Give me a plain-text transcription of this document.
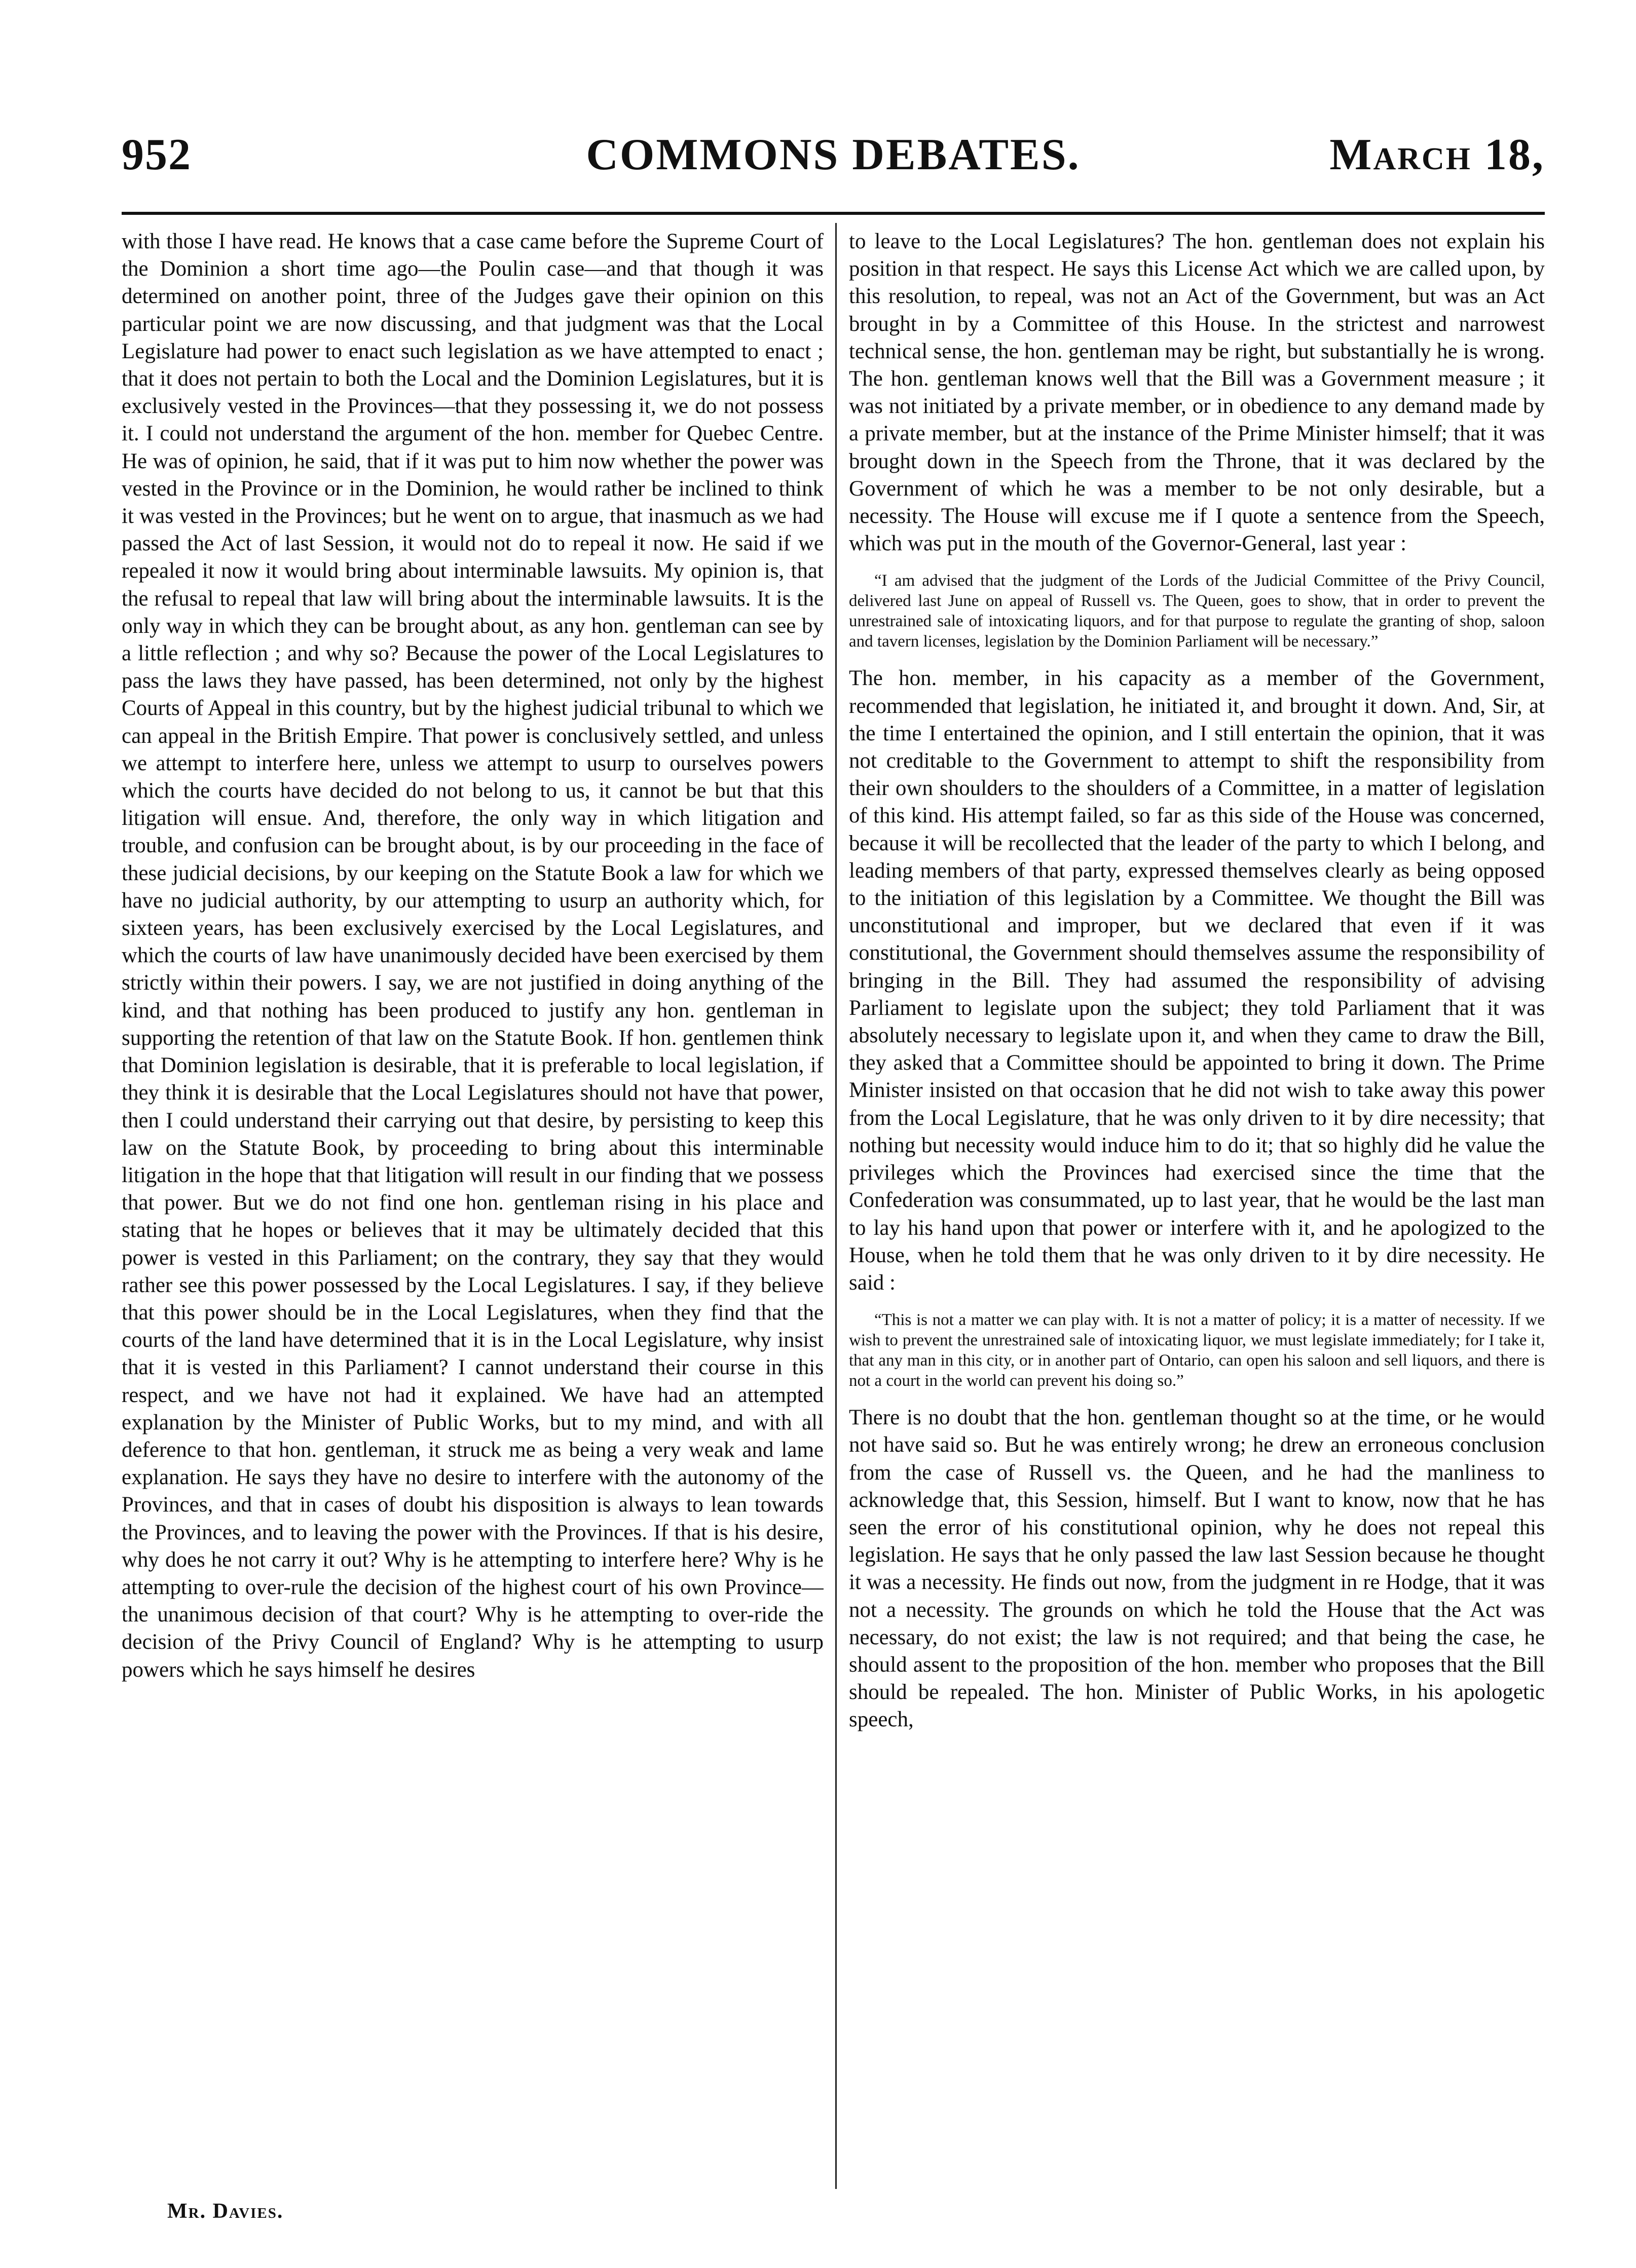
952	COMMONS DEBATES.	March 18,

with those I have read. He knows that a case came before the Supreme Court of the Dominion a short time ago—the Poulin case—and that though it was determined on another point, three of the Judges gave their opinion on this particular point we are now discussing, and that judgment was that the Local Legislature had power to enact such legislation as we have attempted to enact ; that it does not pertain to both the Local and the Dominion Legislatures, but it is exclusively vested in the Provinces—that they possessing it, we do not possess it. I could not understand the argument of the hon. member for Quebec Centre. He was of opinion, he said, that if it was put to him now whether the power was vested in the Province or in the Dominion, he would rather be inclined to think it was vested in the Provinces; but he went on to argue, that inasmuch as we had passed the Act of last Session, it would not do to repeal it now. He said if we repealed it now it would bring about interminable lawsuits. My opinion is, that the refusal to repeal that law will bring about the interminable lawsuits. It is the only way in which they can be brought about, as any hon. gentleman can see by a little reflection ; and why so? Because the power of the Local Legislatures to pass the laws they have passed, has been determined, not only by the highest Courts of Appeal in this country, but by the highest judicial tribunal to which we can appeal in the British Empire. That power is conclusively settled, and unless we attempt to interfere here, unless we attempt to usurp to ourselves powers which the courts have decided do not belong to us, it cannot be but that this litigation will ensue. And, therefore, the only way in which litigation and trouble, and confusion can be brought about, is by our proceeding in the face of these judicial decisions, by our keeping on the Statute Book a law for which we have no judicial authority, by our attempting to usurp an authority which, for sixteen years, has been exclusively exercised by the Local Legislatures, and which the courts of law have unanimously decided have been exercised by them strictly within their powers. I say, we are not justified in doing anything of the kind, and that nothing has been produced to justify any hon. gentleman in supporting the retention of that law on the Statute Book. If hon. gentlemen think that Dominion legislation is desirable, that it is preferable to local legislation, if they think it is desirable that the Local Legislatures should not have that power, then I could understand their carrying out that desire, by persisting to keep this law on the Statute Book, by proceeding to bring about this interminable litigation in the hope that that litigation will result in our finding that we possess that power. But we do not find one hon. gentleman rising in his place and stating that he hopes or believes that it may be ultimately decided that this power is vested in this Parliament; on the contrary, they say that they would rather see this power possessed by the Local Legislatures. I say, if they believe that this power should be in the Local Legislatures, when they find that the courts of the land have determined that it is in the Local Legislature, why insist that it is vested in this Parliament? I cannot understand their course in this respect, and we have not had it explained. We have had an attempted explanation by the Minister of Public Works, but to my mind, and with all deference to that hon. gentleman, it struck me as being a very weak and lame explanation. He says they have no desire to interfere with the autonomy of the Provinces, and that in cases of doubt his disposition is always to lean towards the Provinces, and to leaving the power with the Provinces. If that is his desire, why does he not carry it out? Why is he attempting to interfere here? Why is he attempting to over-rule the decision of the highest court of his own Province—the unanimous decision of that court? Why is he attempting to over-ride the decision of the Privy Council of England? Why is he attempting to usurp powers which he says himself he desires

to leave to the Local Legislatures? The hon. gentleman does not explain his position in that respect. He says this License Act which we are called upon, by this resolution, to repeal, was not an Act of the Government, but was an Act brought in by a Committee of this House. In the strictest and narrowest technical sense, the hon. gentleman may be right, but substantially he is wrong. The hon. gentleman knows well that the Bill was a Government measure ; it was not initiated by a private member, or in obedience to any demand made by a private member, but at the instance of the Prime Minister himself; that it was brought down in the Speech from the Throne, that it was declared by the Government of which he was a member to be not only desirable, but a necessity. The House will excuse me if I quote a sentence from the Speech, which was put in the mouth of the Governor-General, last year :

“I am advised that the judgment of the Lords of the Judicial Committee of the Privy Council, delivered last June on appeal of Russell vs. The Queen, goes to show, that in order to prevent the unrestrained sale of intoxicating liquors, and for that purpose to regulate the granting of shop, saloon and tavern licenses, legislation by the Dominion Parliament will be necessary.”

The hon. member, in his capacity as a member of the Government, recommended that legislation, he initiated it, and brought it down. And, Sir, at the time I entertained the opinion, and I still entertain the opinion, that it was not creditable to the Government to attempt to shift the responsibility from their own shoulders to the shoulders of a Committee, in a matter of legislation of this kind. His attempt failed, so far as this side of the House was concerned, because it will be recollected that the leader of the party to which I belong, and leading members of that party, expressed themselves clearly as being opposed to the initiation of this legislation by a Committee. We thought the Bill was unconstitutional and improper, but we declared that even if it was constitutional, the Government should themselves assume the responsibility of bringing in the Bill. They had assumed the responsibility of advising Parliament to legislate upon the subject; they told Parliament that it was absolutely necessary to legislate upon it, and when they came to draw the Bill, they asked that a Committee should be appointed to bring it down. The Prime Minister insisted on that occasion that he did not wish to take away this power from the Local Legislature, that he was only driven to it by dire necessity; that nothing but necessity would induce him to do it; that so highly did he value the privileges which the Provinces had exercised since the time that the Confederation was consummated, up to last year, that he would be the last man to lay his hand upon that power or interfere with it, and he apologized to the House, when he told them that he was only driven to it by dire necessity. He said :

“This is not a matter we can play with. It is not a matter of policy; it is a matter of necessity. If we wish to prevent the unrestrained sale of intoxicating liquor, we must legislate immediately; for I take it, that any man in this city, or in another part of Ontario, can open his saloon and sell liquors, and there is not a court in the world can prevent his doing so.”

There is no doubt that the hon. gentleman thought so at the time, or he would not have said so. But he was entirely wrong; he drew an erroneous conclusion from the case of Russell vs. the Queen, and he had the manliness to acknowledge that, this Session, himself. But I want to know, now that he has seen the error of his constitutional opinion, why he does not repeal this legislation. He says that he only passed the law last Session because he thought it was a necessity. He finds out now, from the judgment in re Hodge, that it was not a necessity. The grounds on which he told the House that the Act was necessary, do not exist; the law is not required; and that being the case, he should assent to the proposition of the hon. member who proposes that the Bill should be repealed. The hon. Minister of Public Works, in his apologetic speech,

Mr. Davies.
